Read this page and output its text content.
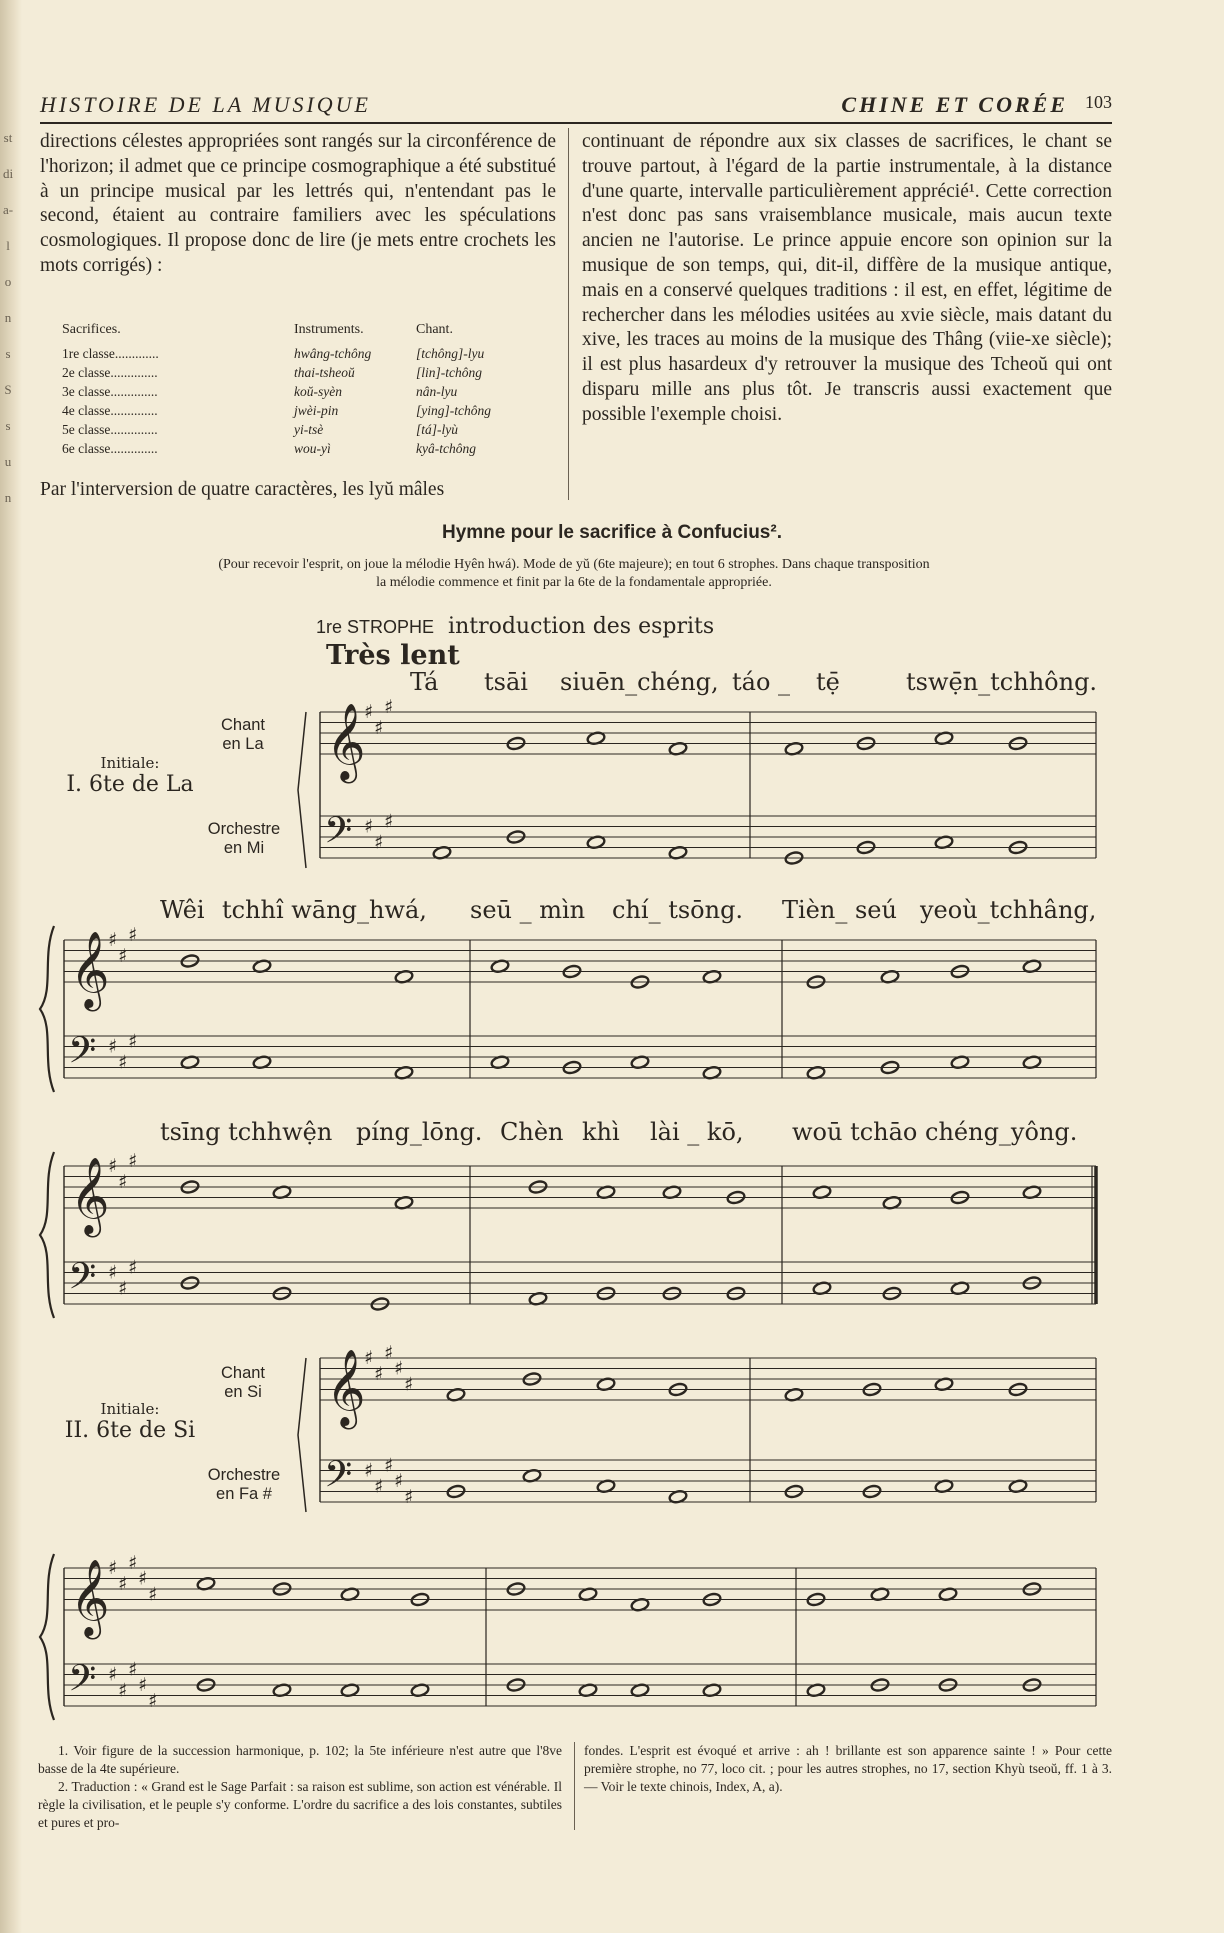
st
di
a-
l
o
n
s
S
s
u
n
HISTOIRE DE LA MUSIQUE	CHINE ET CORÉE 103

directions célestes appropriées sont rangés sur la circonférence de l'horizon; il admet que ce principe cosmographique a été substitué à un principe musical par les lettrés qui, n'entendant pas le second, étaient au contraire familiers avec les spéculations cosmologiques. Il propose donc de lire (je mets entre crochets les mots corrigés) :

Par l'interversion de quatre caractères, les lyŭ mâles

Sacrifices.	Instruments.	Chant.
1re classe.............	hwâng-tchông	[tchông]-lyu
2e classe..............	thai-tsheoŭ	[lin]-tchông
3e classe..............	koŭ-syèn	nân-lyu
4e classe..............	jwèi-pin	[ying]-tchông
5e classe..............	yi-tsè	[tá]-lyù
6e classe..............	wou-yì	kyâ-tchông

continuant de répondre aux six classes de sacrifices, le chant se trouve partout, à l'égard de la partie instrumentale, à la distance d'une quarte, intervalle particulièrement apprécié¹. Cette correction n'est donc pas sans vraisemblance musicale, mais aucun texte ancien ne l'autorise. Le prince appuie encore son opinion sur la musique de son temps, qui, dit-il, diffère de la musique antique, mais en a conservé quelques traditions : il est, en effet, légitime de rechercher dans les mélodies usitées au xvie siècle, mais datant du xive, les traces au moins de la musique des Thâng (viie-xe siècle); il est plus hasardeux d'y retrouver la musique des Tcheoŭ qui ont disparu mille ans plus tôt. Je transcris aussi exactement que possible l'exemple choisi.

Hymne pour le sacrifice à Confucius².
(Pour recevoir l'esprit, on joue la mélodie Hyên hwá). Mode de yŭ (6te majeure); en tout 6 strophes. Dans chaque transposition
la mélodie commence et finit par la 6te de la fondamentale appropriée.
1re STROPHE introduction des esprits
Très lent
Tá tsāi siuēn_chéng, táo _ tẹ̄	tswẹ̄n_tchhông.
Wêi tchhî wāng_hwá, seū _ mìn chí_ tsōng. Tièn_ seú yeoù_tchhâng,
tsīng tchhwện píng_lōng. Chèn khì lài _ kō, woū tchāo chéng_yông.
Chant
en La
Orchestre
en Mi
Initiale:
I. 6te de La
Chant
en Si
Orchestre
en Fa #
Initiale:
II. 6te de Si
𝄞
𝄢
♯
♯
♯
♯
♯
♯
𝄞
𝄢
♯
♯
♯
♯
♯
♯
𝄞
𝄢
♯
♯
♯
♯
♯
♯
𝄞
𝄢
♯
♯
♯
♯
♯
♯
♯
♯
♯
♯
𝄞
𝄢
♯
♯
♯
♯
♯
♯
♯
♯
♯
♯

1. Voir figure de la succession harmonique, p. 102; la 5te inférieure n'est autre que l'8ve basse de la 4te supérieure.

2. Traduction : « Grand est le Sage Parfait : sa raison est sublime, son action est vénérable. Il règle la civilisation, et le peuple s'y conforme. L'ordre du sacrifice a des lois constantes, subtiles et pures et pro-

fondes. L'esprit est évoqué et arrive : ah ! brillante est son apparence sainte ! » Pour cette première strophe, no 77, loco cit. ; pour les autres strophes, no 17, section Khyù tseoŭ, ff. 1 à 3. — Voir le texte chinois, Index, A, a).
